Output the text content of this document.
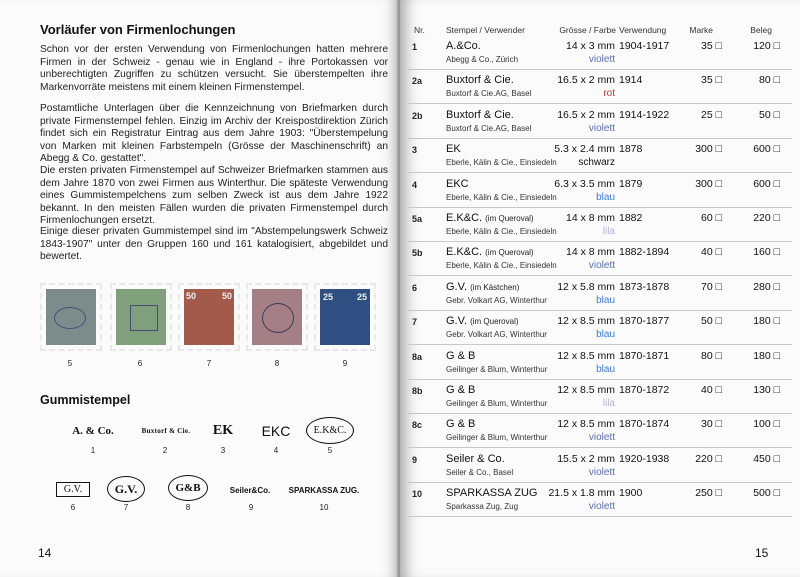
Vorläufer von Firmenlochungen

Schon vor der ersten Verwendung von Firmenlochungen hatten mehrere Firmen in der Schweiz - genau wie in England - ihre Portokassen vor unberechtigten Zugriffen zu schützen versucht. Sie überstempelten ihre Markenvorräte meistens mit einem kleinen Firmenstempel.

Postamtliche Unterlagen über die Kennzeichnung von Briefmarken durch private Firmenstempel fehlen. Einzig im Archiv der Kreispostdirektion Zürich findet sich ein Registratur Eintrag aus dem Jahre 1903: "Überstempelung von Marken mit kleinen Farbstempeln (Grösse der Maschinenschrift) an Abegg & Co. gestattet".

Die ersten privaten Firmenstempel auf Schweizer Briefmarken stammen aus dem Jahre 1870 von zwei Firmen aus Winterthur. Die späteste Verwendung eines Gummistempelchens zum selben Zweck ist aus dem Jahre 1922 bekannt. In den meisten Fällen wurden die privaten Firmenstempel durch Firmenlochungen ersetzt.

Einige dieser privaten Gummistempel sind im "Abstempelungswerk Schweiz 1843-1907" unter den Gruppen 160 und 161 katalogisiert, abgebildet und bewertet.

5	6
50	50
7	8
25	25
9
Gummistempel
A. & Co.
1
Buxtorf & Cie.
2
EK
3
EKC
4
E.K&C.
5
G.V.
6
G.V.
7
G&B
8
Seiler&Co.
9
SPARKASSA ZUG.
10
14
Nr. Stempel / Verwender	Grösse / Farbe Verwendung	Marke	Beleg
1	A.&Co.
Abegg & Co., Zürich
14 x 3 mm
violett
1904-1917	35 □	120 □
2a	Buxtorf & Cie.
Buxtorf & Cie.AG, Basel
16.5 x 2 mm
rot
1914	35 □	80 □
2b	Buxtorf & Cie.
Buxtorf & Cie.AG, Basel
16.5 x 2 mm
violett
1914-1922	25 □	50 □
3	EK
Eberle, Kälin & Cie., Einsiedeln
5.3 x 2.4 mm
schwarz
1878	300 □	600 □
4	EKC
Eberle, Kälin & Cie., Einsiedeln
6.3 x 3.5 mm
blau
1879	300 □	600 □
5a	E.K&C. (im Queroval)
Eberle, Kälin & Cie., Einsiedeln
14 x 8 mm
lila
1882	60 □	220 □
5b	E.K&C. (im Queroval)
Eberle, Kälin & Cie., Einsiedeln
14 x 8 mm
violett
1882-1894	40 □	160 □
6	G.V. (im Kästchen)
Gebr. Volkart AG, Winterthur
12 x 5.8 mm
blau
1873-1878	70 □	280 □
7	G.V. (im Queroval)
Gebr. Volkart AG, Winterthur
12 x 8.5 mm
blau
1870-1877	50 □	180 □
8a	G & B
Geilinger & Blum, Winterthur
12 x 8.5 mm
blau
1870-1871	80 □	180 □
8b	G & B
Geilinger & Blum, Winterthur
12 x 8.5 mm
lila
1870-1872	40 □	130 □
8c	G & B
Geilinger & Blum, Winterthur
12 x 8.5 mm
violett
1870-1874	30 □	100 □
9	Seiler & Co.
Seiler & Co., Basel
15.5 x 2 mm
violett
1920-1938	220 □	450 □
10	SPARKASSA ZUG
Sparkassa Zug, Zug
21.5 x 1.8 mm
violett
1900	250 □	500 □
15
